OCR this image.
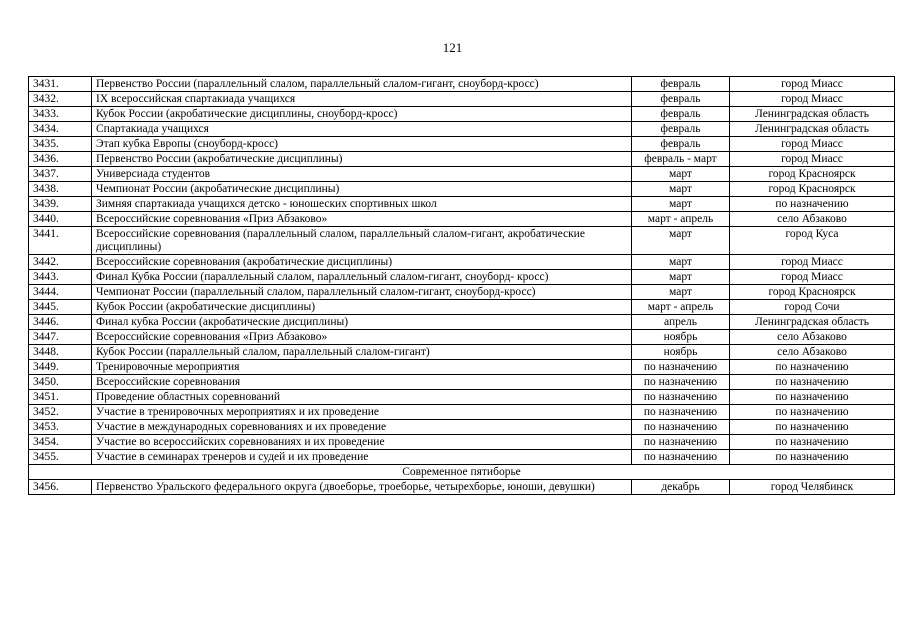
121
3431.	Первенство России (параллельный слалом, параллельный слалом-гигант, сноуборд-кросс)	февраль	город Миасс
3432.	IX всероссийская спартакиада учащихся	февраль	город Миасс
3433.	Кубок России (акробатические дисциплины, сноуборд-кросс)	февраль	Ленинградская область
3434.	Спартакиада учащихся	февраль	Ленинградская область
3435.	Этап кубка Европы (сноуборд-кросс)	февраль	город Миасс
3436.	Первенство России (акробатические дисциплины)	февраль - март	город Миасс
3437.	Универсиада студентов	март	город Красноярск
3438.	Чемпионат России (акробатические дисциплины)	март	город Красноярск
3439.	Зимняя спартакиада учащихся детско - юношеских спортивных школ	март	по назначению
3440.	Всероссийские соревнования «Приз Абзаково»	март - апрель	село Абзаково
3441.	Всероссийские соревнования (параллельный слалом, параллельный слалом-гигант, акробатические дисциплины)	март	город Куса
3442.	Всероссийские соревнования (акробатические дисциплины)	март	город Миасс
3443.	Финал Кубка России (параллельный слалом, параллельный слалом-гигант, сноуборд- кросс)	март	город Миасс
3444.	Чемпионат России (параллельный слалом, параллельный слалом-гигант, сноуборд-кросс)	март	город Красноярск
3445.	Кубок России (акробатические дисциплины)	март - апрель	город Сочи
3446.	Финал кубка России (акробатические дисциплины)	апрель	Ленинградская область
3447.	Всероссийские соревнования «Приз Абзаково»	ноябрь	село Абзаково
3448.	Кубок России (параллельный слалом, параллельный слалом-гигант)	ноябрь	село Абзаково
3449.	Тренировочные мероприятия	по назначению	по назначению
3450.	Всероссийские соревнования	по назначению	по назначению
3451.	Проведение областных соревнований	по назначению	по назначению
3452.	Участие в тренировочных мероприятиях и их проведение	по назначению	по назначению
3453.	Участие в международных соревнованиях и их проведение	по назначению	по назначению
3454.	Участие во всероссийских соревнованиях и их проведение	по назначению	по назначению
3455.	Участие в семинарах тренеров и судей и их проведение	по назначению	по назначению
Современное пятиборье			
3456.	Первенство Уральского федерального округа (двоеборье, троеборье, четырехборье, юноши, девушки)	декабрь	город Челябинск
